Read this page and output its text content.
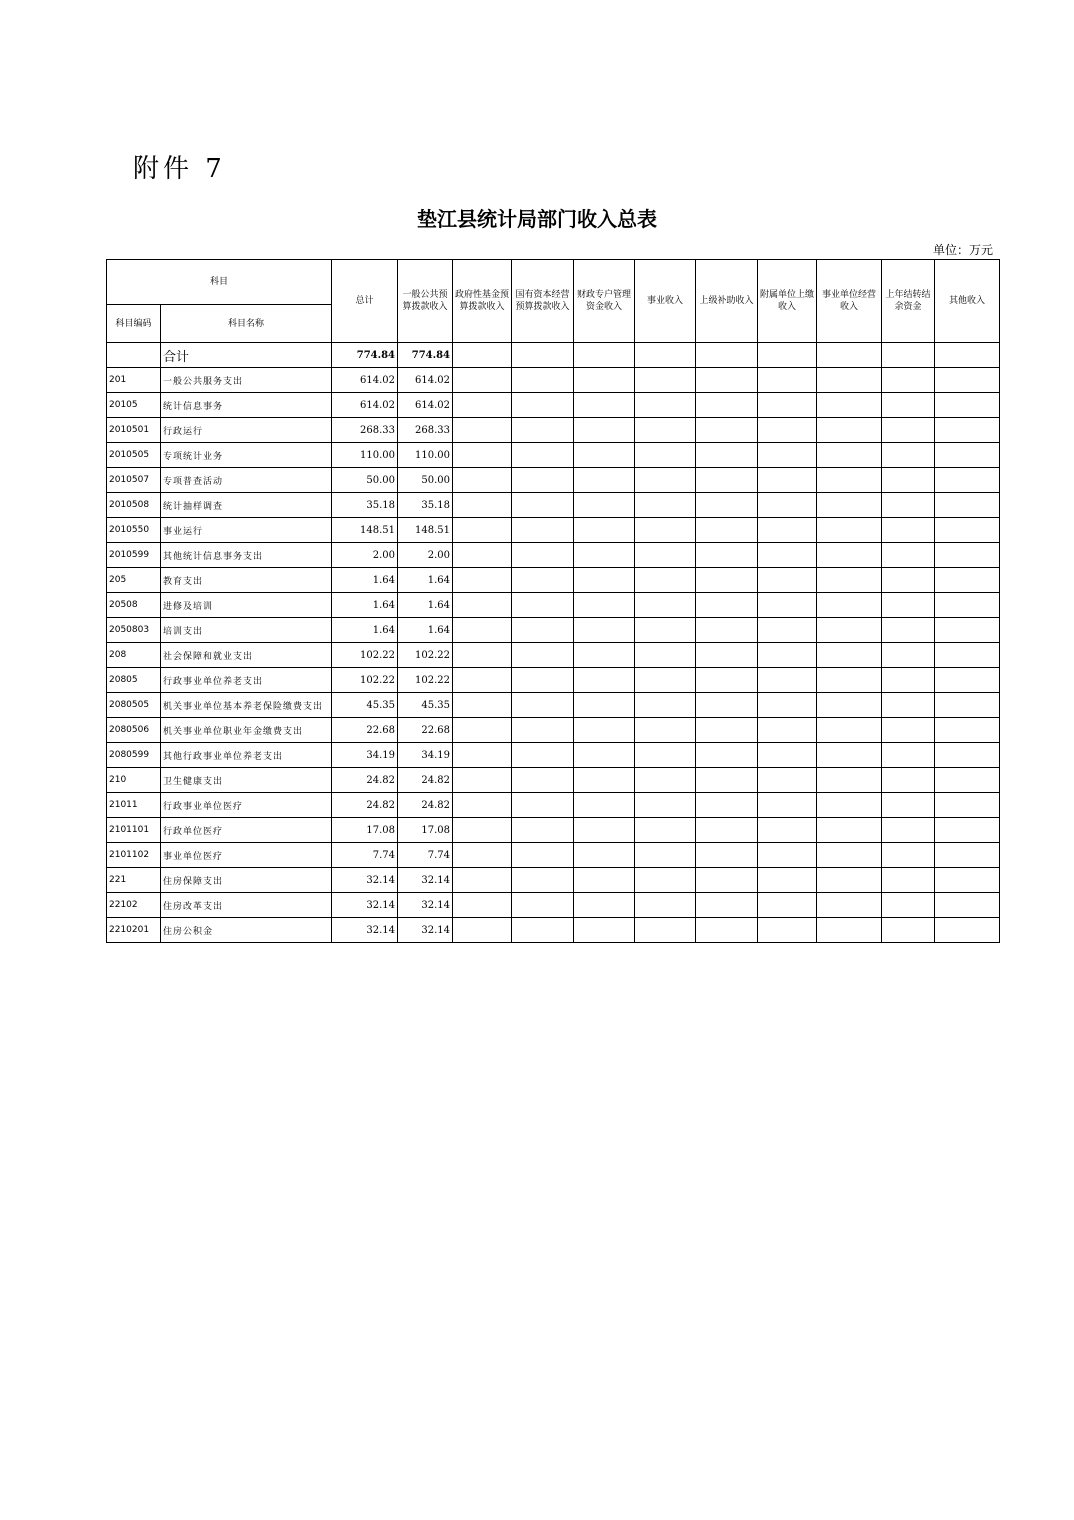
附件 7
垫江县统计局部门收入总表
单位：万元
科目		总计	一般公共预算拨款收入	政府性基金预算拨款收入	国有资本经营预算拨款收入	财政专户管理资金收入	事业收入	上级补助收入	附属单位上缴收入	事业单位经营收入	上年结转结余资金	其他收入
科目编码	科目名称											
	合计	774.84	774.84									
201	一般公共服务支出	614.02	614.02									
20105	统计信息事务	614.02	614.02									
2010501	行政运行	268.33	268.33									
2010505	专项统计业务	110.00	110.00									
2010507	专项普查活动	50.00	50.00									
2010508	统计抽样调查	35.18	35.18									
2010550	事业运行	148.51	148.51									
2010599	其他统计信息事务支出	2.00	2.00									
205	教育支出	1.64	1.64									
20508	进修及培训	1.64	1.64									
2050803	培训支出	1.64	1.64									
208	社会保障和就业支出	102.22	102.22									
20805	行政事业单位养老支出	102.22	102.22									
2080505	机关事业单位基本养老保险缴费支出	45.35	45.35									
2080506	机关事业单位职业年金缴费支出	22.68	22.68									
2080599	其他行政事业单位养老支出	34.19	34.19									
210	卫生健康支出	24.82	24.82									
21011	行政事业单位医疗	24.82	24.82									
2101101	行政单位医疗	17.08	17.08									
2101102	事业单位医疗	7.74	7.74									
221	住房保障支出	32.14	32.14									
22102	住房改革支出	32.14	32.14									
2210201	住房公积金	32.14	32.14									
